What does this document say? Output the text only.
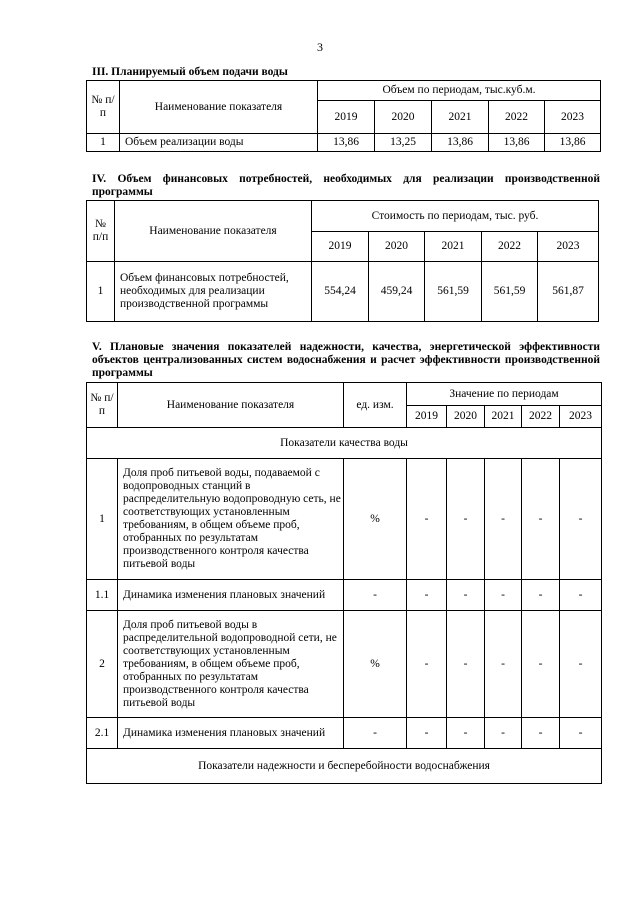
3
III. Планируемый объем подачи воды
№ п/п	Наименование показателя	Объем по периодам, тыс.куб.м.				
		2019	2020	2021	2022	2023
1	Объем реализации воды	13,86	13,25	13,86	13,86	13,86
IV. Объем финансовых потребностей, необходимых для реализации производственной программы
№ п/п	Наименование показателя	Стоимость по периодам, тыс. руб.				
		2019	2020	2021	2022	2023
1	Объем финансовых потребностей, необходимых для реализации производственной программы	554,24	459,24	561,59	561,59	561,87
V. Плановые значения показателей надежности, качества, энергетической эффективности объектов централизованных систем водоснабжения и расчет эффективности производственной программы
№ п/п	Наименование показателя	ед. изм.	Значение по периодам				
			2019	2020	2021	2022	2023
Показатели качества воды							
1	Доля проб питьевой воды, подаваемой с водопроводных станций в распределительную водопроводную сеть, не соответствующих установленным требованиям, в общем объеме проб, отобранных по результатам производственного контроля качества питьевой воды	%	-	-	-	-	-
1.1	Динамика изменения плановых значений	-	-	-	-	-	-
2	Доля проб питьевой воды в распределительной водопроводной сети, не соответствующих установленным требованиям, в общем объеме проб, отобранных по результатам производственного контроля качества питьевой воды	%	-	-	-	-	-
2.1	Динамика изменения плановых значений	-	-	-	-	-	-
Показатели надежности и бесперебойности водоснабжения							
